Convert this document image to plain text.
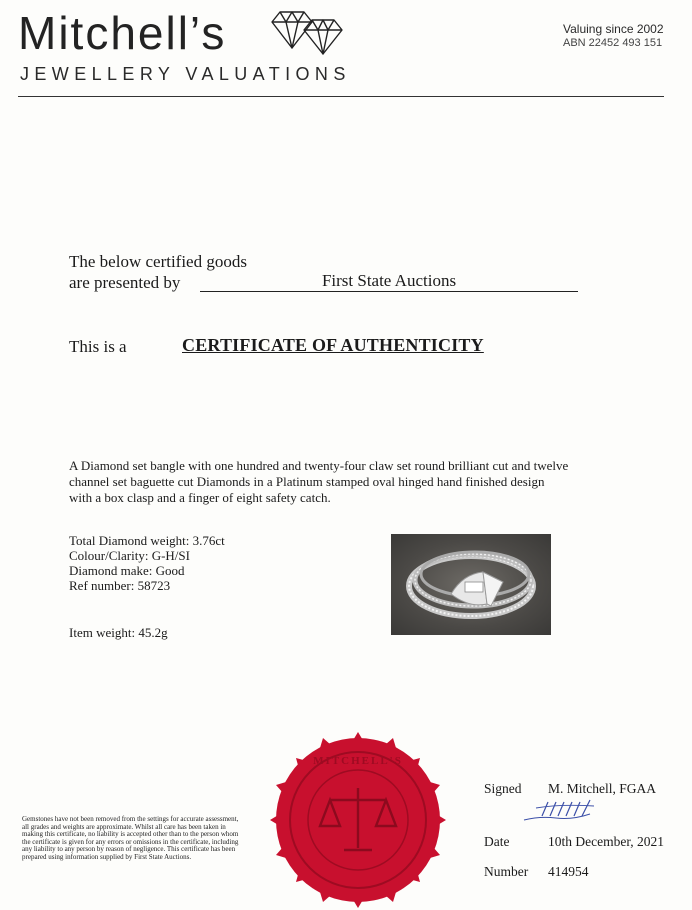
Mitchell’s
JEWELLERY VALUATIONS
Valuing since 2002
ABN 22452 493 151
The below certified goods
are presented by	First State Auctions
This is a	CERTIFICATE OF AUTHENTICITY
A Diamond set bangle with one hundred and twenty-four claw set round brilliant cut and twelve channel set baguette cut Diamonds in a Platinum stamped oval hinged hand finished design with a box clasp and a finger of eight safety catch.
Total Diamond weight: 3.76ct
Colour/Clarity: G-H/SI
Diamond make: Good
Ref number: 58723
Item weight: 45.2g
MITCHELL'S
Gemstones have not been removed from the settings for accurate assessment, all grades and weights are approximate. Whilst all care has been taken in making this certificate, no liability is accepted other than to the person whom the certificate is given for any errors or omissions in the certificate, including any liability to any person by reason of negligence. This certificate has been prepared using information supplied by First State Auctions.
Signed M. Mitchell, FGAA
Date	10th December, 2021
Number 414954
